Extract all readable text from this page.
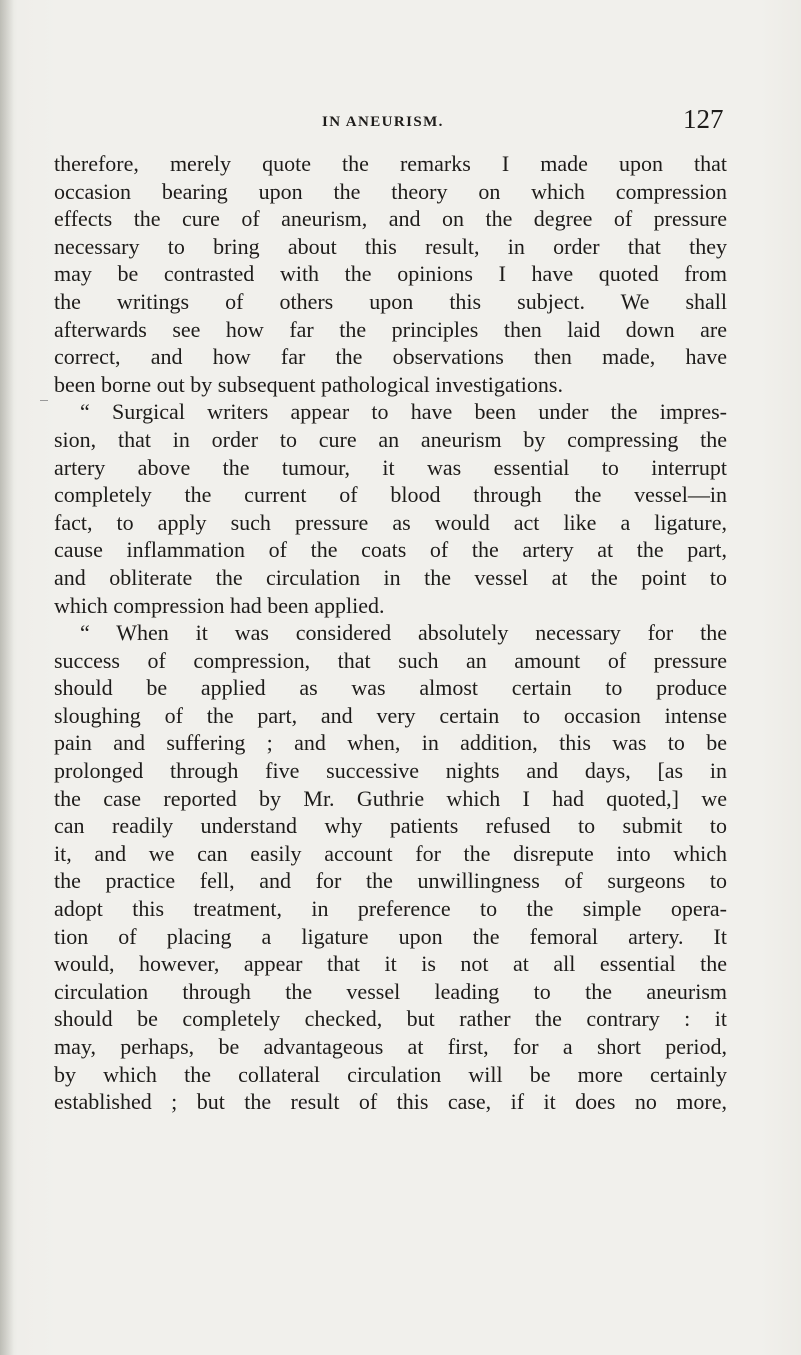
IN ANEURISM.	127
therefore, merely quote the remarks I made upon that
occasion bearing upon the theory on which compression
effects the cure of aneurism, and on the degree of pressure
necessary to bring about this result, in order that they
may be contrasted with the opinions I have quoted from
the writings of others upon this subject. We shall
afterwards see how far the principles then laid down are
correct, and how far the observations then made, have
been borne out by subsequent pathological investigations.
“ Surgical writers appear to have been under the impres-
sion, that in order to cure an aneurism by compressing the
artery above the tumour, it was essential to interrupt
completely the current of blood through the vessel—in
fact, to apply such pressure as would act like a ligature,
cause inflammation of the coats of the artery at the part,
and obliterate the circulation in the vessel at the point to
which compression had been applied.
“ When it was considered absolutely necessary for the
success of compression, that such an amount of pressure
should be applied as was almost certain to produce
sloughing of the part, and very certain to occasion intense
pain and suffering ; and when, in addition, this was to be
prolonged through five successive nights and days, [as in
the case reported by Mr. Guthrie which I had quoted,] we
can readily understand why patients refused to submit to
it, and we can easily account for the disrepute into which
the practice fell, and for the unwillingness of surgeons to
adopt this treatment, in preference to the simple opera-
tion of placing a ligature upon the femoral artery. It
would, however, appear that it is not at all essential the
circulation through the vessel leading to the aneurism
should be completely checked, but rather the contrary : it
may, perhaps, be advantageous at first, for a short period,
by which the collateral circulation will be more certainly
established ; but the result of this case, if it does no more,
